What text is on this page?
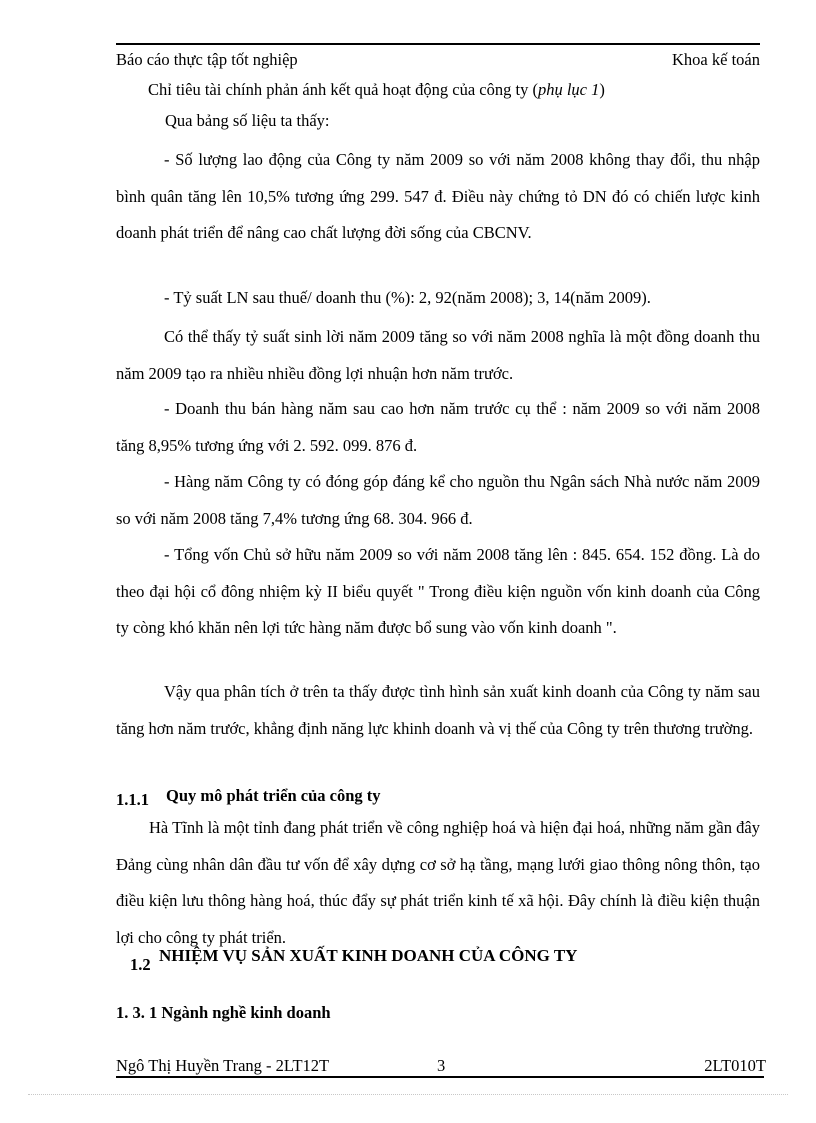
Báo cáo thực tập tốt nghiệp	Khoa kế toán
Chỉ tiêu tài chính phản ánh kết quả hoạt động của công ty (phụ lục 1)
Qua bảng số liệu ta thấy:
- Số lượng lao động của Công ty năm 2009 so với năm 2008 không thay đổi, thu nhập bình quân tăng lên 10,5% tương ứng 299. 547 đ. Điều này chứng tỏ DN đó có chiến lược kinh doanh phát triển để nâng cao chất lượng đời sống của CBCNV.
- Tỷ suất LN sau thuế/ doanh thu (%): 2, 92(năm 2008); 3, 14(năm 2009).
Có thể thấy tỷ suất sinh lời năm 2009 tăng so với năm 2008 nghĩa là một đồng doanh thu năm 2009 tạo ra nhiều nhiều đồng lợi nhuận hơn năm trước.
- Doanh thu bán hàng năm sau cao hơn năm trước cụ thể : năm 2009 so với năm 2008 tăng 8,95% tương ứng với 2. 592. 099. 876 đ.
- Hàng năm Công ty có đóng góp đáng kể cho nguồn thu Ngân sách Nhà nước năm 2009 so với năm 2008 tăng 7,4% tương ứng 68. 304. 966 đ.
- Tổng vốn Chủ sở hữu năm 2009 so với năm 2008 tăng lên : 845. 654. 152 đồng. Là do theo đại hội cổ đông nhiệm kỳ II biểu quyết " Trong điều kiện nguồn vốn kinh doanh của Công ty còng khó khăn nên lợi tức hàng năm được bổ sung vào vốn kinh doanh ".
Vậy qua phân tích ở trên ta thấy được tình hình sản xuất kinh doanh của Công ty năm sau tăng hơn năm trước, khẳng định năng lực khinh doanh và vị thế của Công ty trên thương trường.
1.1.1 Quy mô phát triển của công ty
Hà Tĩnh là một tỉnh đang phát triển về công nghiệp hoá và hiện đại hoá, những năm gần đây Đảng cùng nhân dân đầu tư vốn để xây dựng cơ sở hạ tầng, mạng lưới giao thông nông thôn, tạo điều kiện lưu thông hàng hoá, thúc đẩy sự phát triển kinh tế xã hội. Đây chính là điều kiện thuận lợi cho công ty phát triển.
1.2 NHIỆM VỤ SẢN XUẤT KINH DOANH CỦA CÔNG TY
1. 3. 1 Ngành nghề kinh doanh
Ngô Thị Huyền Trang - 2LT12T	3	2LT010T
